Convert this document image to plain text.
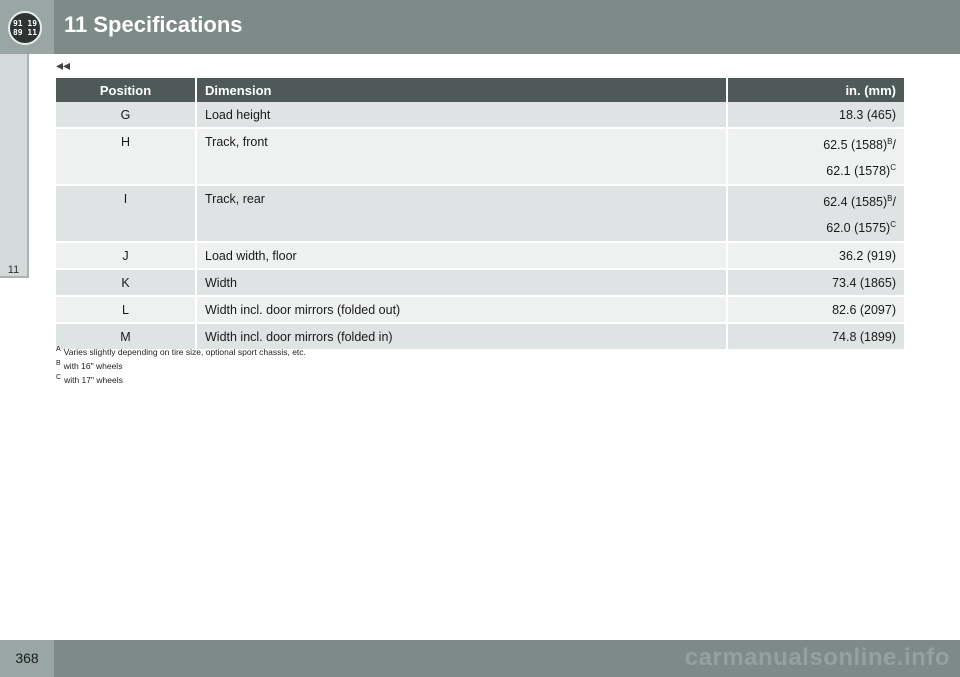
91 19
89 11 11 Specifications
11
◂◂
Position	Dimension	in. (mm)
G	Load height	18.3 (465)
H	Track, front	62.5 $(1588)^B/$
62.1 $(1578)^C$

I	Track, rear	62.4 $(1585)^B/$
62.0 $(1575)^C$

J	Load width, floor	36.2 (919)
K	Width	73.4 (1865)
L	Width incl. door mirrors (folded out)	82.6 (2097)
M	Width incl. door mirrors (folded in)	74.8 (1899)
$^A$ Varies slightly depending on tire size, optional sport chassis, etc.
$^B$ with 16" wheels
$^C$ with 17" wheels
368	carmanualsonline.info
